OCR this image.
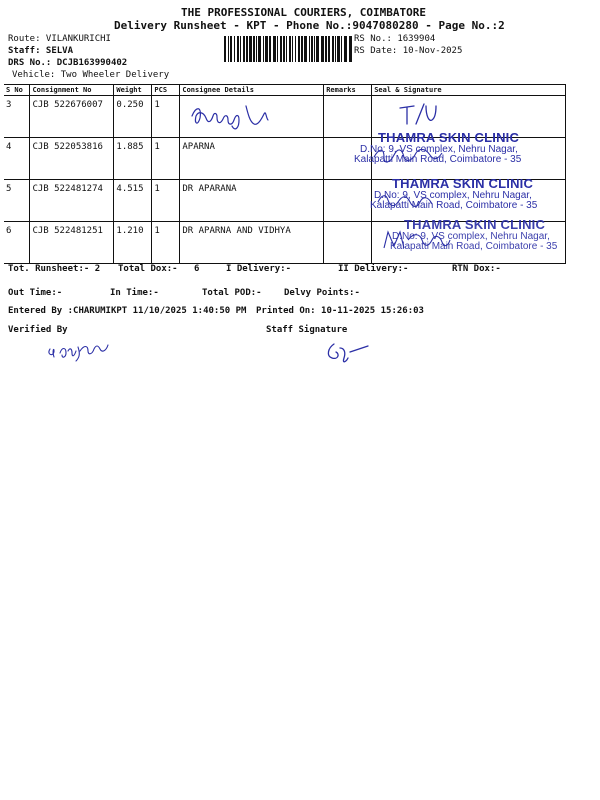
THE PROFESSIONAL COURIERS, COIMBATORE
Delivery Runsheet - KPT - Phone No.:9047080280 - Page No.:2
Route: VILANKURICHI
Staff: SELVA
DRS No.: DCJB163990402
Vehicle: Two Wheeler Delivery
RS No.: 1639904
RS Date: 10-Nov-2025
S No	Consignment No	Weight	PCS	Consignee Details	Remarks	Seal & Signature
3	CJB 522676007	0.250	1			
4	CJB 522053816	1.885	1	APARNA		
5	CJB 522481274	4.515	1	DR APARANA		
6	CJB 522481251	1.210	1	DR APARNA AND VIDHYA		
THAMRA SKIN CLINIC
D.No: 9, VS complex, Nehru Nagar,
Kalapatti Main Road, Coimbatore - 35
THAMRA SKIN CLINIC
D.No: 9, VS complex, Nehru Nagar,
Kalapatti Main Road, Coimbatore - 35
THAMRA SKIN CLINIC
D.No: 9, VS complex, Nehru Nagar,
Kalapatti Main Road, Coimbatore - 35
Tot. Runsheet:- 2 Total Dox:- 6	I Delivery:-	II Delivery:-	RTN Dox:-
Out Time:-	In Time:-	Total POD:- Delvy Points:-
Entered By :CHARUMIKPT 11/10/2025 1:40:50 PM Printed On: 10-11-2025 15:26:03
Verified By	Staff Signature
